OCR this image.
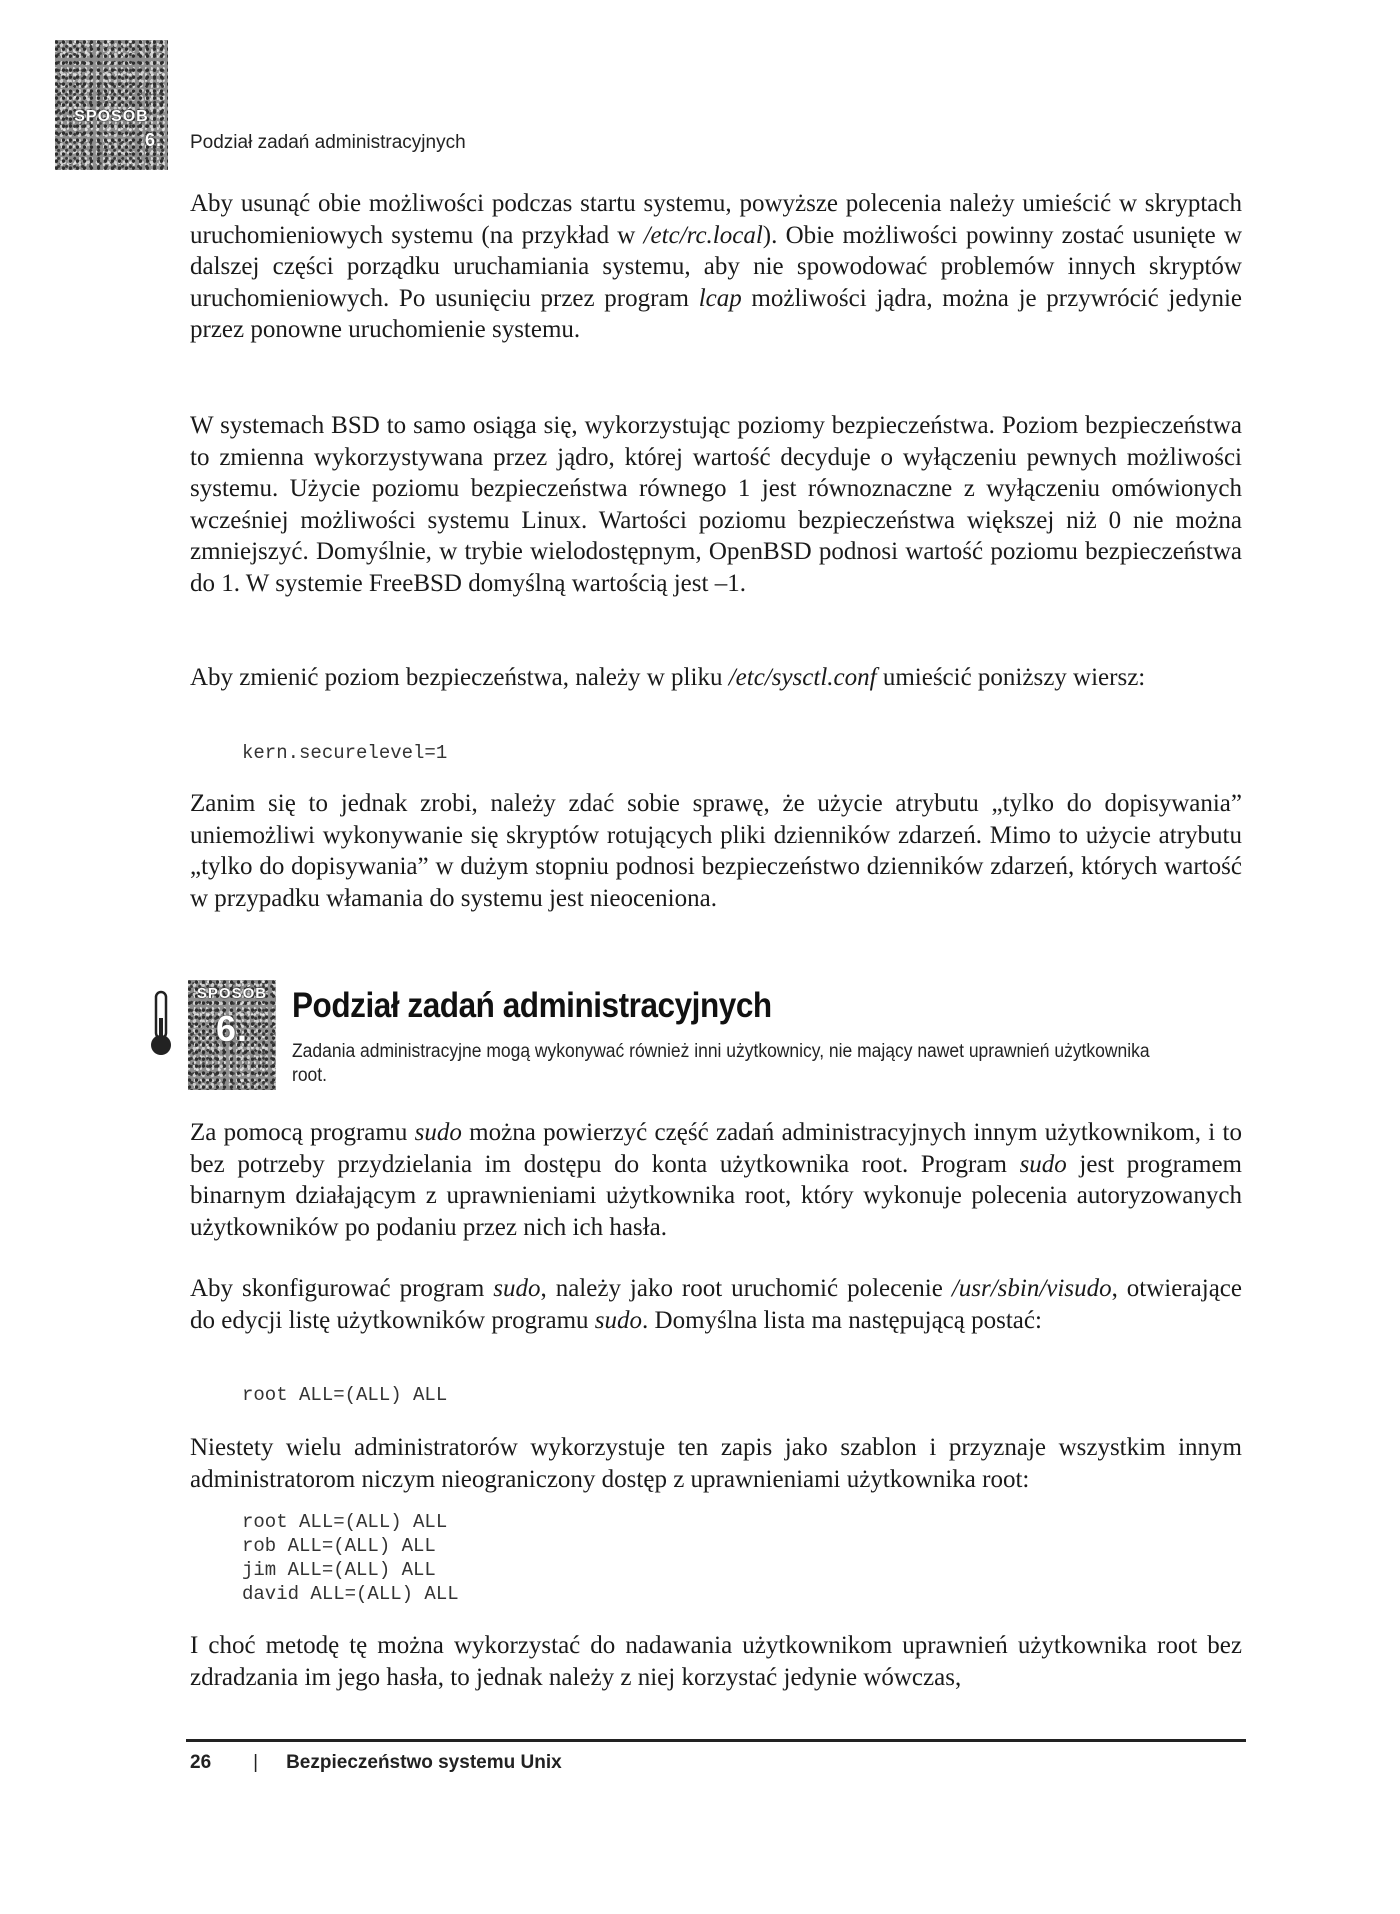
SPOSÓB
6. Podział zadań administracyjnych

Aby usunąć obie możliwości podczas startu systemu, powyższe polecenia należy umieścić w skryptach uruchomieniowych systemu (na przykład w /etc/rc.local). Obie możliwości powinny zostać usunięte w dalszej części porządku uruchamiania systemu, aby nie spowodować problemów innych skryptów uruchomieniowych. Po usunięciu przez program lcap możliwości jądra, można je przywrócić jedynie przez ponowne uruchomienie systemu.

W systemach BSD to samo osiąga się, wykorzystując poziomy bezpieczeństwa. Poziom bezpieczeństwa to zmienna wykorzystywana przez jądro, której wartość decyduje o wyłączeniu pewnych możliwości systemu. Użycie poziomu bezpieczeństwa równego 1 jest równoznaczne z wyłączeniu omówionych wcześniej możliwości systemu Linux. Wartości poziomu bezpieczeństwa większej niż 0 nie można zmniejszyć. Domyślnie, w trybie wielodostępnym, OpenBSD podnosi wartość poziomu bezpieczeństwa do 1. W systemie FreeBSD domyślną wartością jest –1.

Aby zmienić poziom bezpieczeństwa, należy w pliku /etc/sysctl.conf umieścić poniższy wiersz:

kern.securelevel=1

Zanim się to jednak zrobi, należy zdać sobie sprawę, że użycie atrybutu „tylko do dopisywania” uniemożliwi wykonywanie się skryptów rotujących pliki dzienników zdarzeń. Mimo to użycie atrybutu „tylko do dopisywania” w dużym stopniu podnosi bezpieczeństwo dzienników zdarzeń, których wartość w przypadku włamania do systemu jest nieoceniona.

SPOSÓB
6.
Podział zadań administracyjnych
Zadania administracyjne mogą wykonywać również inni użytkownicy, nie mający nawet uprawnień użytkownika root.

Za pomocą programu sudo można powierzyć część zadań administracyjnych innym użytkownikom, i to bez potrzeby przydzielania im dostępu do konta użytkownika root. Program sudo jest programem binarnym działającym z uprawnieniami użytkownika root, który wykonuje polecenia autoryzowanych użytkowników po podaniu przez nich ich hasła.

Aby skonfigurować program sudo, należy jako root uruchomić polecenie /usr/sbin/visudo, otwierające do edycji listę użytkowników programu sudo. Domyślna lista ma następującą postać:

root ALL=(ALL) ALL

Niestety wielu administratorów wykorzystuje ten zapis jako szablon i przyznaje wszystkim innym administratorom niczym nieograniczony dostęp z uprawnieniami użytkownika root:

root ALL=(ALL) ALL
rob ALL=(ALL) ALL
jim ALL=(ALL) ALL
david ALL=(ALL) ALL

I choć metodę tę można wykorzystać do nadawania użytkownikom uprawnień użytkownika root bez zdradzania im jego hasła, to jednak należy z niej korzystać jedynie wówczas,

26 | Bezpieczeństwo systemu Unix
